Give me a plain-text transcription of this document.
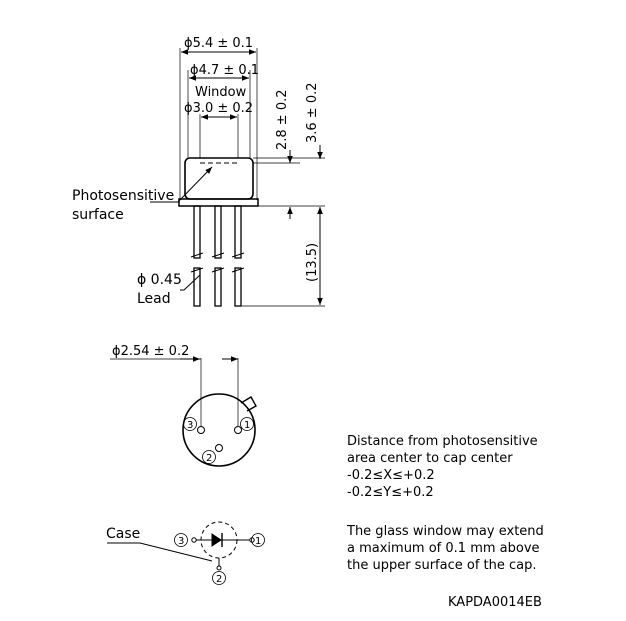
ϕ5.4 ± 0.1
ϕ4.7 ± 0.1
Window
ϕ3.0 ± 0.2 2.8 ± 0.2 3.6 ± 0.2
(13.5)
Photosensitive
surface
ϕ 0.45
Lead
ϕ2.54 ± 0.2
1
3
2
Case	3	1
2

Distance from photosensitive

area center to cap center

-0.2≤X≤+0.2

-0.2≤Y≤+0.2

The glass window may extend

a maximum of 0.1 mm above

the upper surface of the cap.

KAPDA0014EB
